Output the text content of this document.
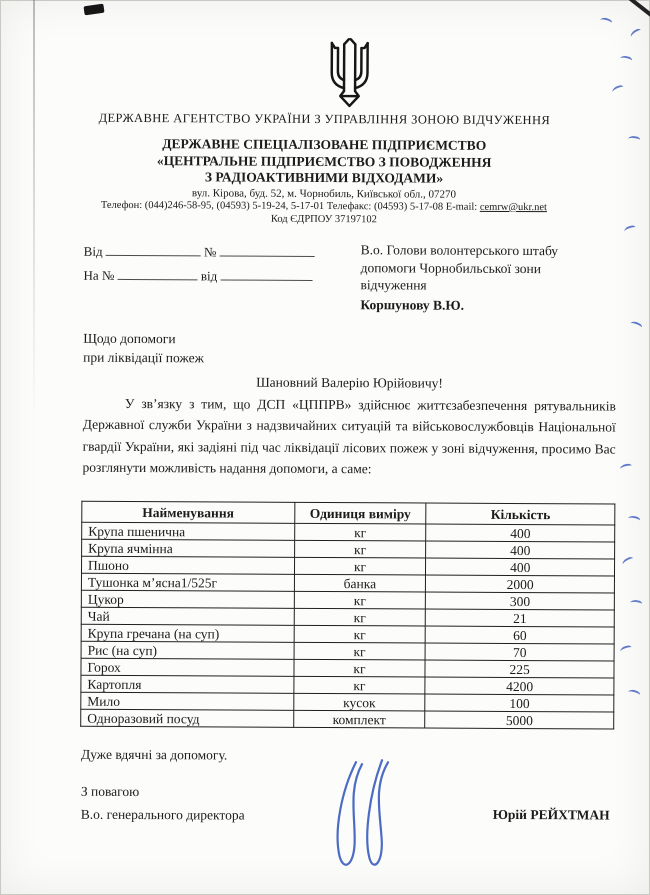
ДЕРЖАВНЕ АГЕНТСТВО УКРАЇНИ З УПРАВЛІННЯ ЗОНОЮ ВІДЧУЖЕННЯ
ДЕРЖАВНЕ СПЕЦІАЛІЗОВАНЕ ПІДПРИЄМСТВО
«ЦЕНТРАЛЬНЕ ПІДПРИЄМСТВО З ПОВОДЖЕННЯ
З РАДІОАКТИВНИМИ ВІДХОДАМИ»
вул. Кірова, буд. 52, м. Чорнобиль, Київської обл., 07270
Телефон: (044)246-58-95, (04593) 5-19-24, 5-17-01 Телефакс: (04593) 5-17-08 E-mail: cemrw@ukr.net
Код ЄДРПОУ 37197102
Від	№
На №	від
В.о. Голови волонтерського штабу
допомоги Чорнобильської зони
відчуження
Коршунову В.Ю.
Щодо допомоги
при ліквідації пожеж
Шановний Валерію Юрійовичу!
У зв’язку з тим, що ДСП «ЦППРВ» здійснює життєзабезпечення рятувальників Державної служби України з надзвичайних ситуацій та військовослужбовців Національної гвардії України, які задіяні під час ліквідації лісових пожеж у зоні відчуження, просимо Вас розглянути можливість надання допомоги, а саме:
Найменування	Одиниця виміру	Кількість
Крупа пшенична	кг	400
Крупа ячмінна	кг	400
Пшоно	кг	400
Тушонка м’ясна1/525г	банка	2000
Цукор	кг	300
Чай	кг	21
Крупа гречана (на суп)	кг	60
Рис (на суп)	кг	70
Горох	кг	225
Картопля	кг	4200
Мило	кусок	100
Одноразовий посуд	комплект	5000
Дуже вдячні за допомогу.
З повагою
В.о. генерального директора	Юрій РЕЙХТМАН
